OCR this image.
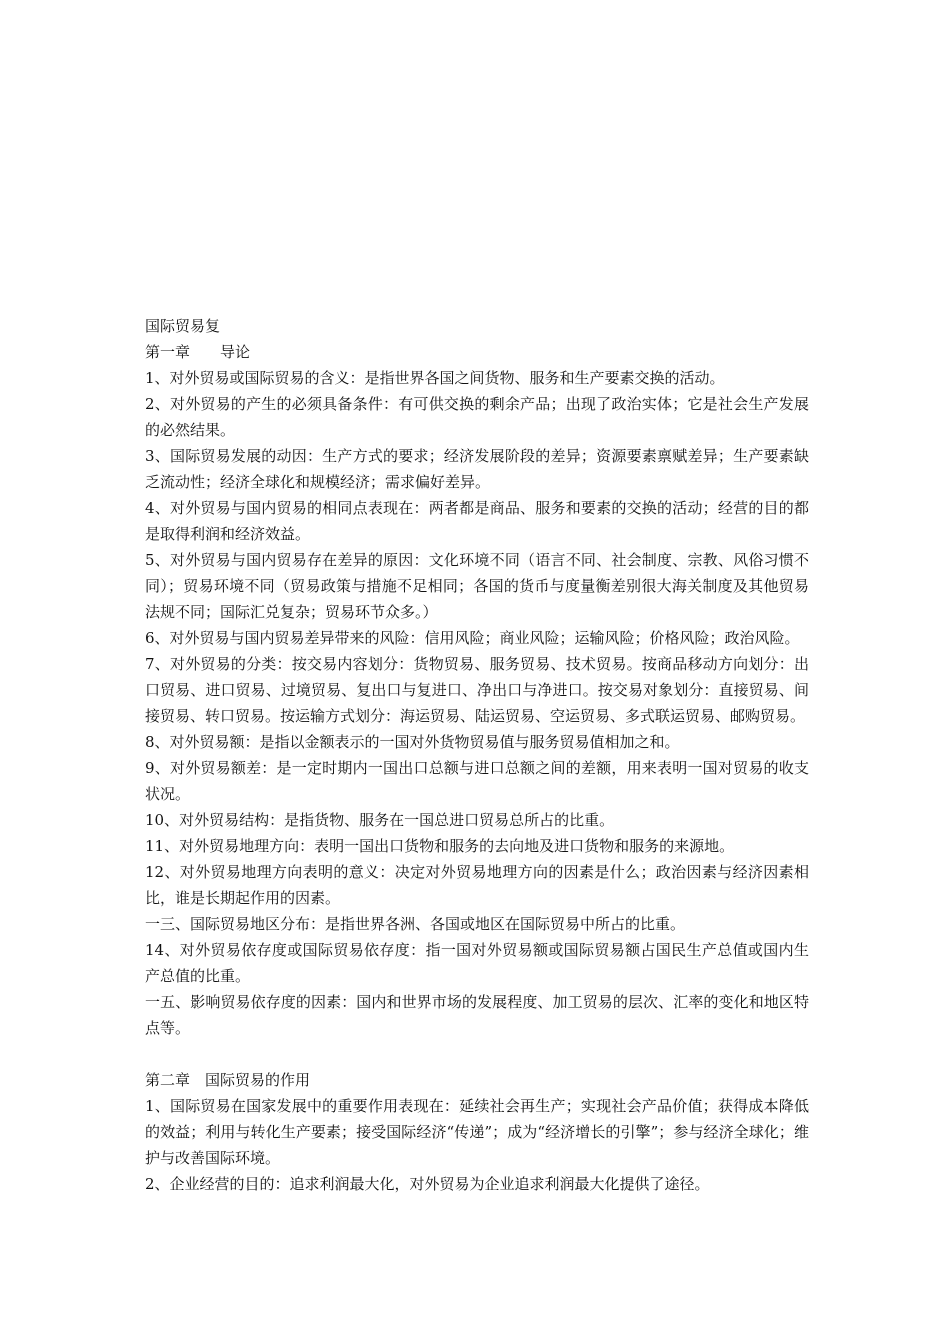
国际贸易复

第一章　　导论

1、对外贸易或国际贸易的含义：是指世界各国之间货物、服务和生产要素交换的活动。

2、对外贸易的产生的必须具备条件：有可供交换的剩余产品；出现了政治实体；它是社会生产发展的必然结果。

3、国际贸易发展的动因：生产方式的要求；经济发展阶段的差异；资源要素禀赋差异；生产要素缺乏流动性；经济全球化和规模经济；需求偏好差异。

4、对外贸易与国内贸易的相同点表现在：两者都是商品、服务和要素的交换的活动；经营的目的都是取得利润和经济效益。

5、对外贸易与国内贸易存在差异的原因：文化环境不同（语言不同、社会制度、宗教、风俗习惯不同）；贸易环境不同（贸易政策与措施不足相同；各国的货币与度量衡差别很大海关制度及其他贸易法规不同；国际汇兑复杂；贸易环节众多。）

6、对外贸易与国内贸易差异带来的风险：信用风险；商业风险；运输风险；价格风险；政治风险。

7、对外贸易的分类：按交易内容划分：货物贸易、服务贸易、技术贸易。按商品移动方向划分：出口贸易、进口贸易、过境贸易、复出口与复进口、净出口与净进口。按交易对象划分：直接贸易、间接贸易、转口贸易。按运输方式划分：海运贸易、陆运贸易、空运贸易、多式联运贸易、邮购贸易。

8、对外贸易额：是指以金额表示的一国对外货物贸易值与服务贸易值相加之和。

9、对外贸易额差：是一定时期内一国出口总额与进口总额之间的差额，用来表明一国对贸易的收支状况。

10、对外贸易结构：是指货物、服务在一国总进口贸易总所占的比重。

11、对外贸易地理方向：表明一国出口货物和服务的去向地及进口货物和服务的来源地。

12、对外贸易地理方向表明的意义：决定对外贸易地理方向的因素是什么；政治因素与经济因素相比，谁是长期起作用的因素。

一三、国际贸易地区分布：是指世界各洲、各国或地区在国际贸易中所占的比重。

14、对外贸易依存度或国际贸易依存度：指一国对外贸易额或国际贸易额占国民生产总值或国内生产总值的比重。

一五、影响贸易依存度的因素：国内和世界市场的发展程度、加工贸易的层次、汇率的变化和地区特点等。

第二章　国际贸易的作用

1、国际贸易在国家发展中的重要作用表现在：延续社会再生产；实现社会产品价值；获得成本降低的效益；利用与转化生产要素；接受国际经济“传递”；成为“经济增长的引擎”；参与经济全球化；维护与改善国际环境。

2、企业经营的目的：追求利润最大化，对外贸易为企业追求利润最大化提供了途径。
